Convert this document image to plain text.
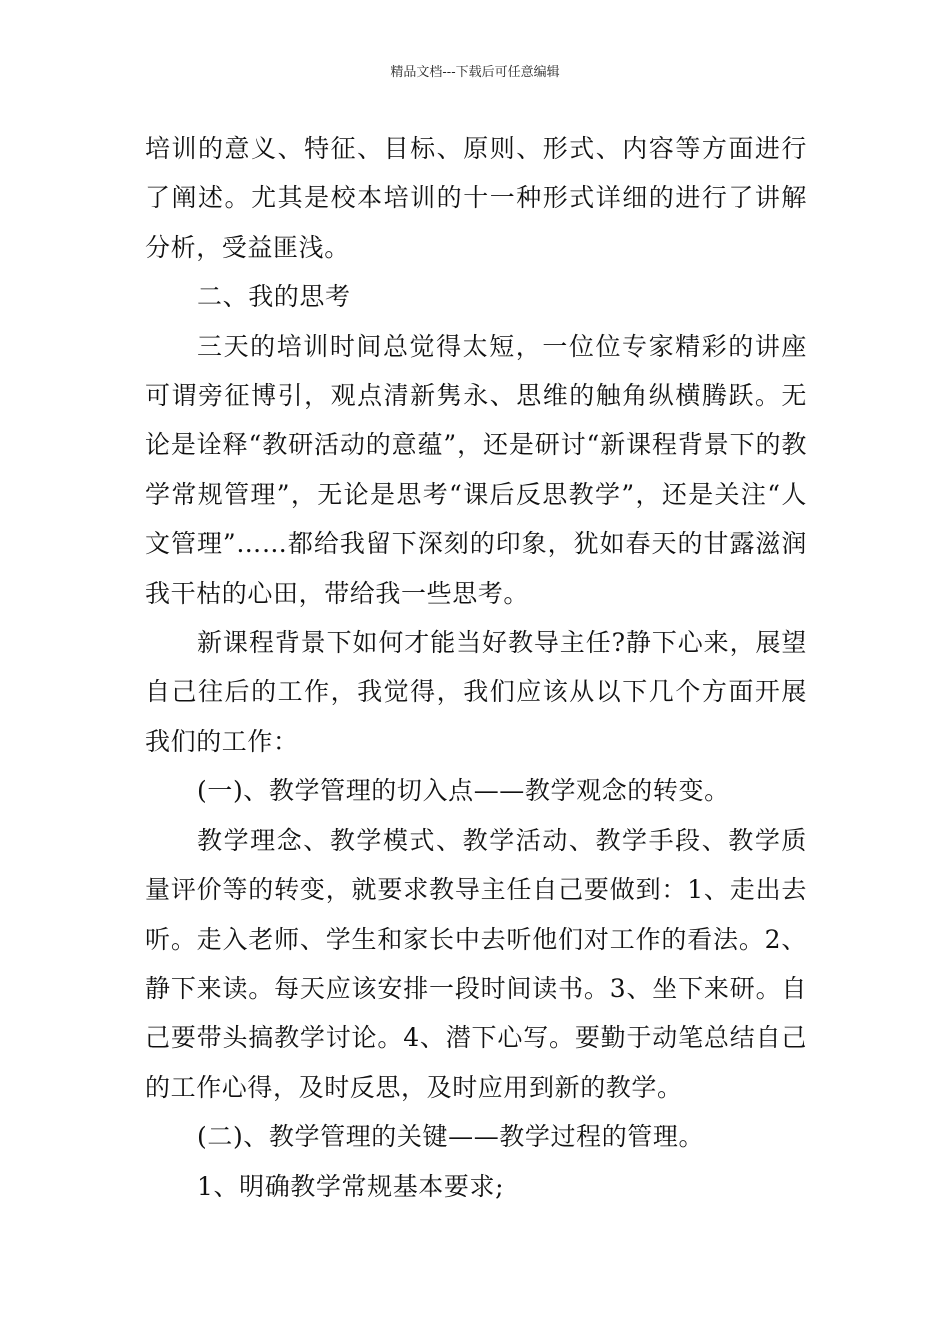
精品文档---下载后可任意编辑

培训的意义、特征、目标、原则、形式、内容等方面进行了阐述。尤其是校本培训的十一种形式详细的进行了讲解分析，受益匪浅。

二、我的思考

三天的培训时间总觉得太短，一位位专家精彩的讲座可谓旁征博引，观点清新隽永、思维的触角纵横腾跃。无论是诠释“教研活动的意蕴”，还是研讨“新课程背景下的教学常规管理”，无论是思考“课后反思教学”，还是关注“人文管理”……都给我留下深刻的印象，犹如春天的甘露滋润我干枯的心田，带给我一些思考。

新课程背景下如何才能当好教导主任?静下心来，展望自己往后的工作，我觉得，我们应该从以下几个方面开展我们的工作：

(一)、教学管理的切入点——教学观念的转变。

教学理念、教学模式、教学活动、教学手段、教学质量评价等的转变，就要求教导主任自己要做到：1、走出去听。走入老师、学生和家长中去听他们对工作的看法。2、静下来读。每天应该安排一段时间读书。3、坐下来研。自己要带头搞教学讨论。4、潜下心写。要勤于动笔总结自己的工作心得，及时反思，及时应用到新的教学。

(二)、教学管理的关键——教学过程的管理。

1、明确教学常规基本要求;
